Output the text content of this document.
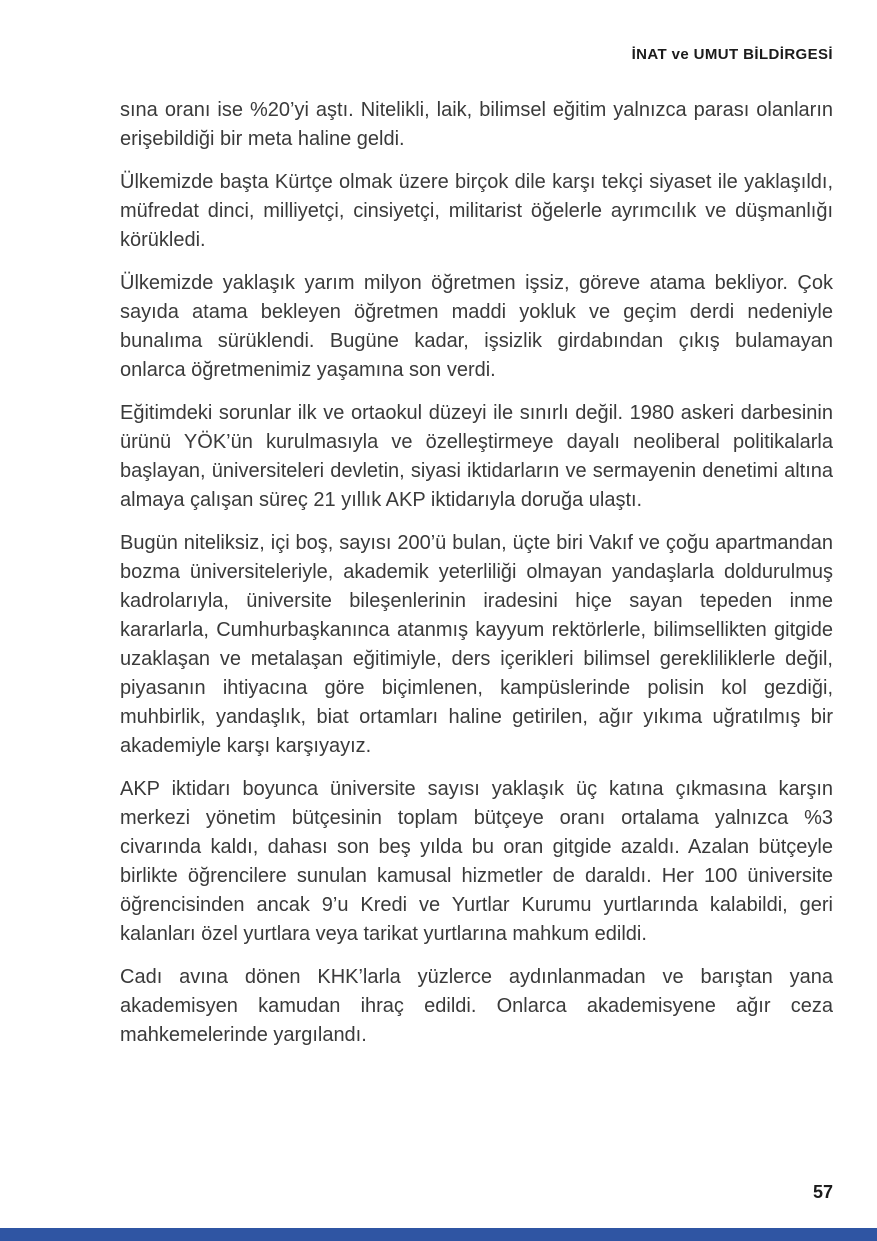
İNAT ve UMUT BİLDİRGESİ

sına oranı ise %20’yi aştı. Nitelikli, laik, bilimsel eğitim yalnızca parası olanların erişebildiği bir meta haline geldi.

Ülkemizde başta Kürtçe olmak üzere birçok dile karşı tekçi siyaset ile yaklaşıldı, müfredat dinci, milliyetçi, cinsiyetçi, militarist öğelerle ayrımcılık ve düşmanlığı körükledi.

Ülkemizde yaklaşık yarım milyon öğretmen işsiz, göreve atama bekliyor. Çok sayıda atama bekleyen öğretmen maddi yokluk ve geçim derdi nedeniyle bunalıma sürüklendi. Bugüne kadar, işsizlik girdabından çıkış bulamayan onlarca öğretmenimiz yaşamına son verdi.

Eğitimdeki sorunlar ilk ve ortaokul düzeyi ile sınırlı değil. 1980 askeri darbesinin ürünü YÖK’ün kurulmasıyla ve özelleştirmeye dayalı neoliberal politikalarla başlayan, üniversiteleri devletin, siyasi iktidarların ve sermayenin denetimi altına almaya çalışan süreç 21 yıllık AKP iktidarıyla doruğa ulaştı.

Bugün niteliksiz, içi boş, sayısı 200’ü bulan, üçte biri Vakıf ve çoğu apartmandan bozma üniversiteleriyle, akademik yeterliliği olmayan yandaşlarla doldurulmuş kadrolarıyla, üniversite bileşenlerinin iradesini hiçe sayan tepeden inme kararlarla, Cumhurbaşkanınca atanmış kayyum rektörlerle, bilimsellikten gitgide uzaklaşan ve metalaşan eğitimiyle, ders içerikleri bilimsel gerekliliklerle değil, piyasanın ihtiyacına göre biçimlenen, kampüslerinde polisin kol gezdiği, muhbirlik, yandaşlık, biat ortamları haline getirilen, ağır yıkıma uğratılmış bir akademiyle karşı karşıyayız.

AKP iktidarı boyunca üniversite sayısı yaklaşık üç katına çıkmasına karşın merkezi yönetim bütçesinin toplam bütçeye oranı ortalama yalnızca %3 civarında kaldı, dahası son beş yılda bu oran gitgide azaldı. Azalan bütçeyle birlikte öğrencilere sunulan kamusal hizmetler de daraldı. Her 100 üniversite öğrencisinden ancak 9’u Kredi ve Yurtlar Kurumu yurtlarında kalabildi, geri kalanları özel yurtlara veya tarikat yurtlarına mahkum edildi.

Cadı avına dönen KHK’larla yüzlerce aydınlanmadan ve barıştan yana akademisyen kamudan ihraç edildi. Onlarca akademisyene ağır ceza mahkemelerinde yargılandı.

57
